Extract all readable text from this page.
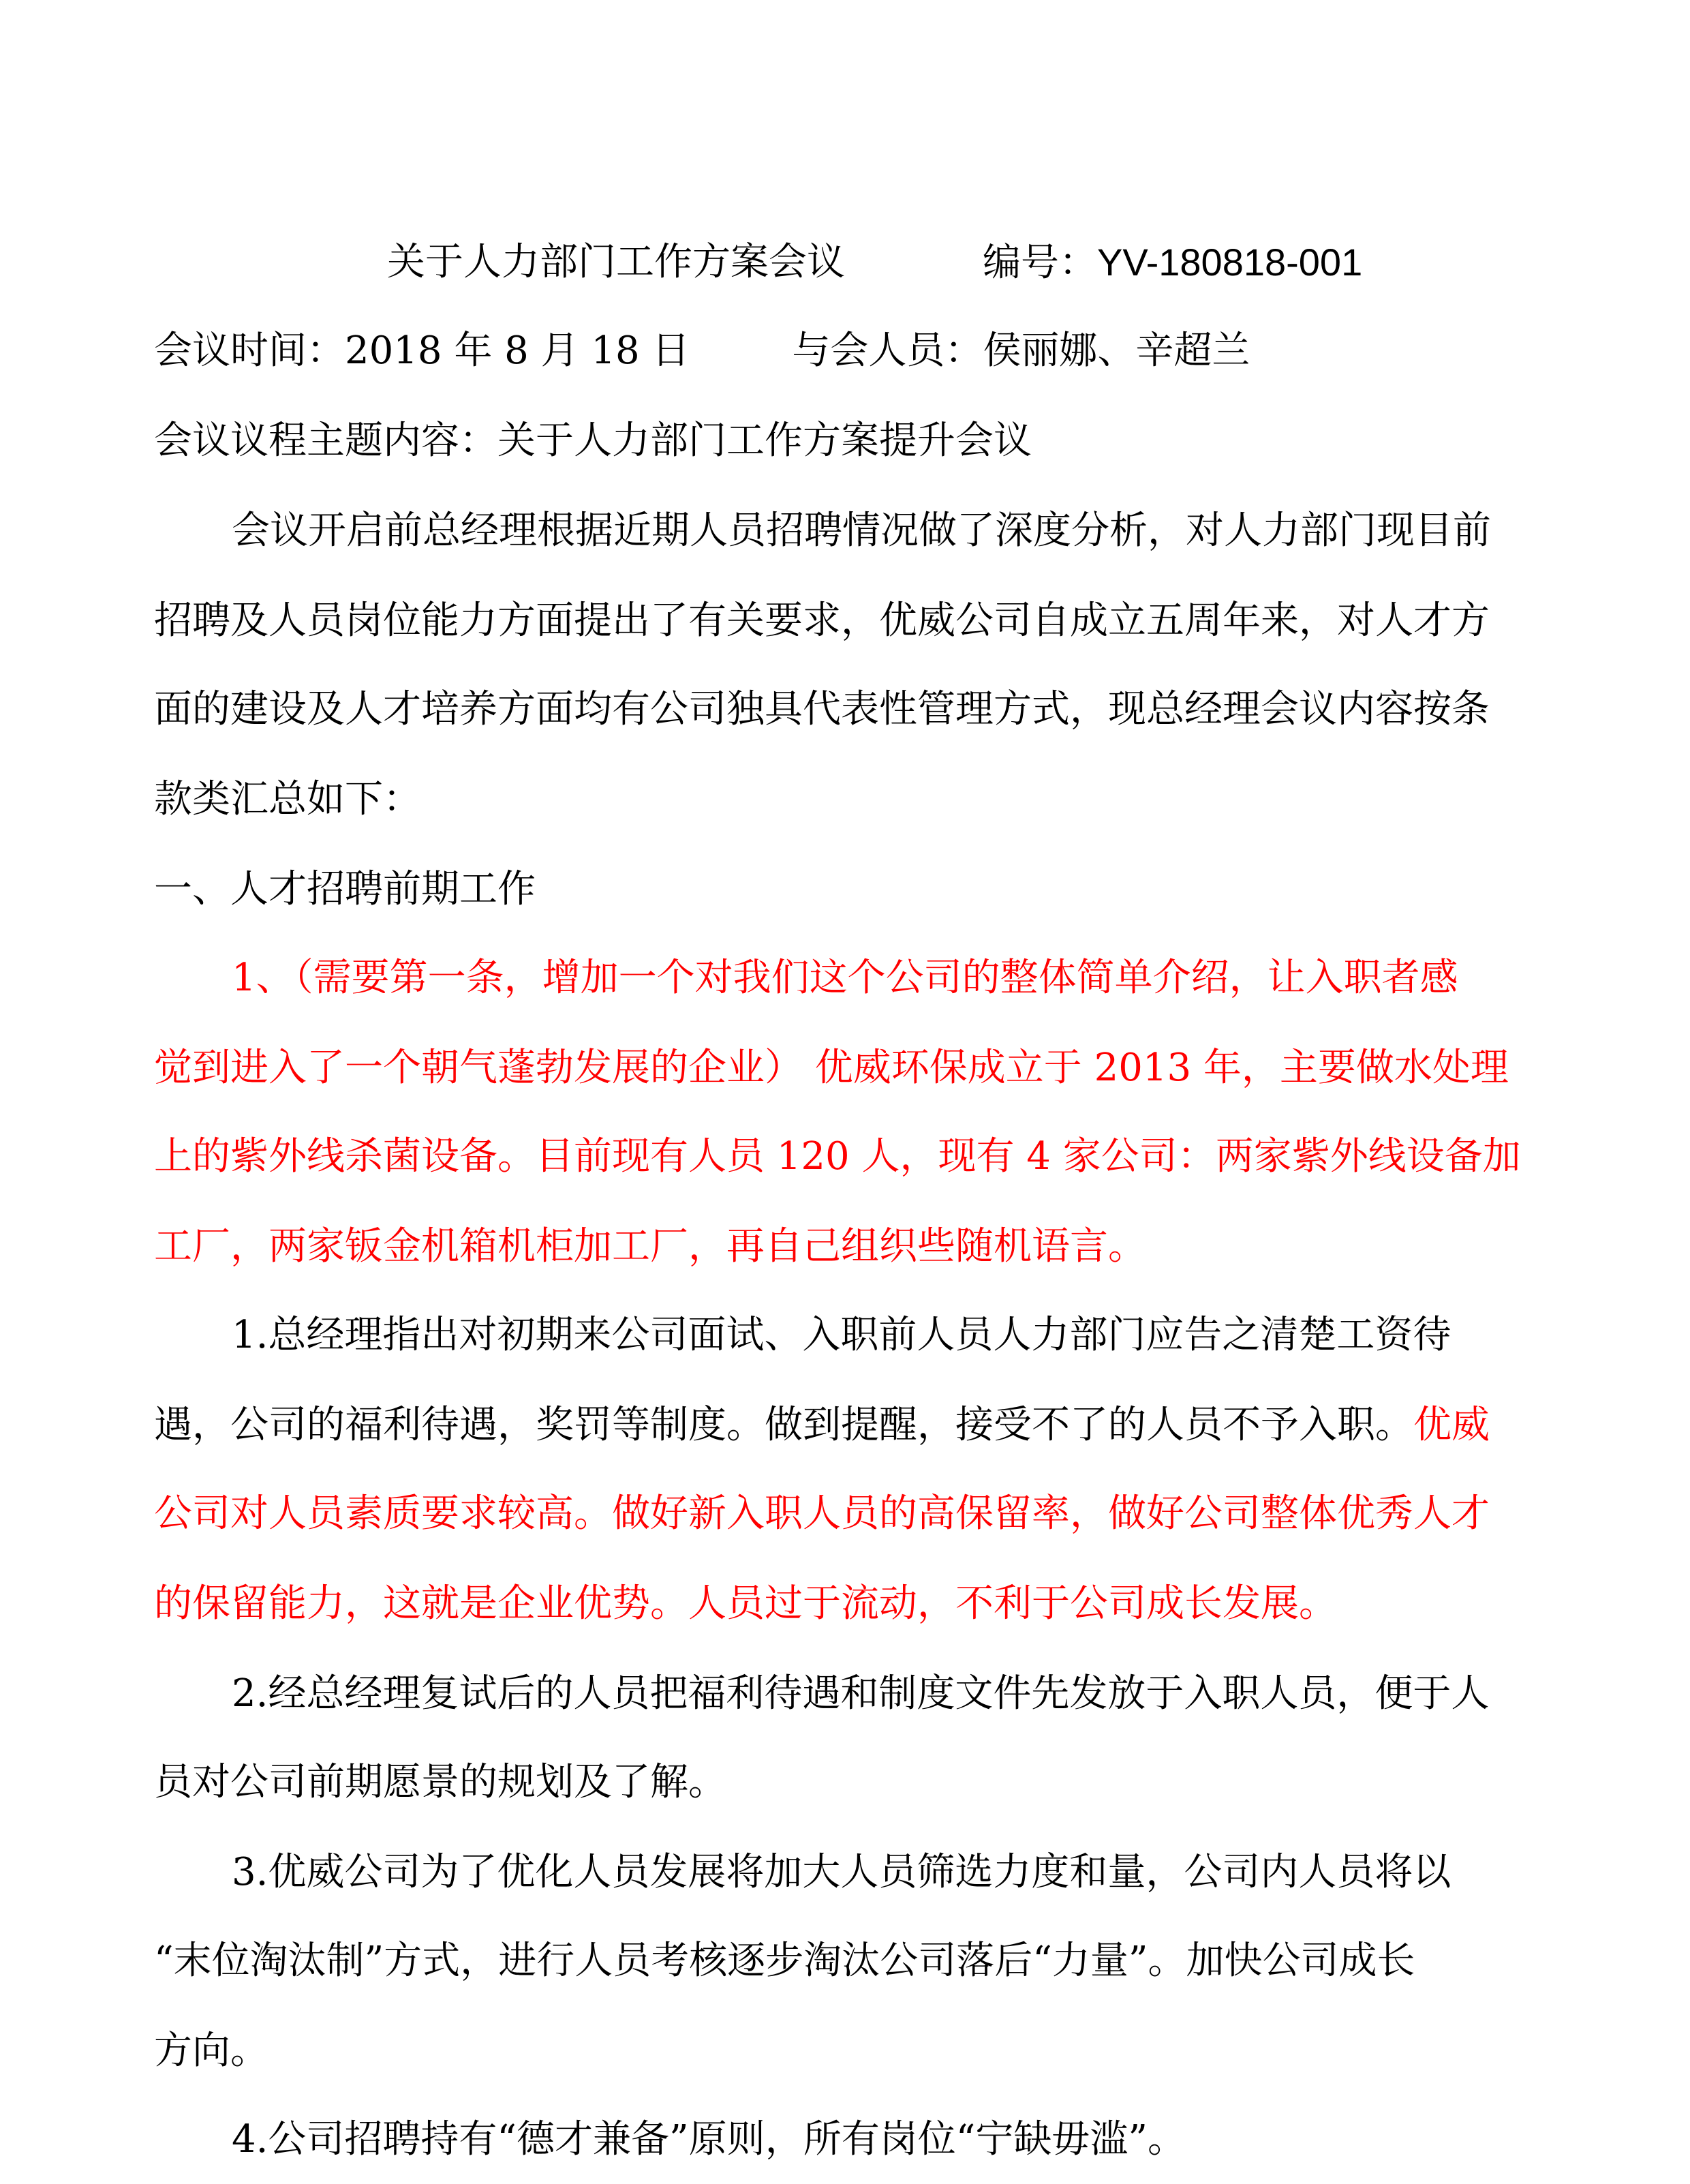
关于人力部门工作方案会议	编号：YV-180818-001
会议时间：2018 年 8 月 18 日	与会人员：侯丽娜、辛超兰
会议议程主题内容：关于人力部门工作方案提升会议
会议开启前总经理根据近期人员招聘情况做了深度分析，对人力部门现目前
招聘及人员岗位能力方面提出了有关要求，优威公司自成立五周年来，对人才方
面的建设及人才培养方面均有公司独具代表性管理方式，现总经理会议内容按条
款类汇总如下：
一、人才招聘前期工作
1、（需要第一条，增加一个对我们这个公司的整体简单介绍，让入职者感
觉到进入了一个朝气蓬勃发展的企业） 优威环保成立于 2013 年，主要做水处理
上的紫外线杀菌设备。目前现有人员 120 人，现有 4 家公司：两家紫外线设备加
工厂，两家钣金机箱机柜加工厂，再自己组织些随机语言。
1.总经理指出对初期来公司面试、入职前人员人力部门应告之清楚工资待
遇，公司的福利待遇，奖罚等制度。做到提醒，接受不了的人员不予入职。优威
公司对人员素质要求较高。做好新入职人员的高保留率，做好公司整体优秀人才
的保留能力，这就是企业优势。人员过于流动，不利于公司成长发展。
2.经总经理复试后的人员把福利待遇和制度文件先发放于入职人员，便于人
员对公司前期愿景的规划及了解。
3.优威公司为了优化人员发展将加大人员筛选力度和量，公司内人员将以
“末位淘汰制”方式，进行人员考核逐步淘汰公司落后“力量”。加快公司成长
方向。
4.公司招聘持有“德才兼备”原则，所有岗位“宁缺毋滥”。
